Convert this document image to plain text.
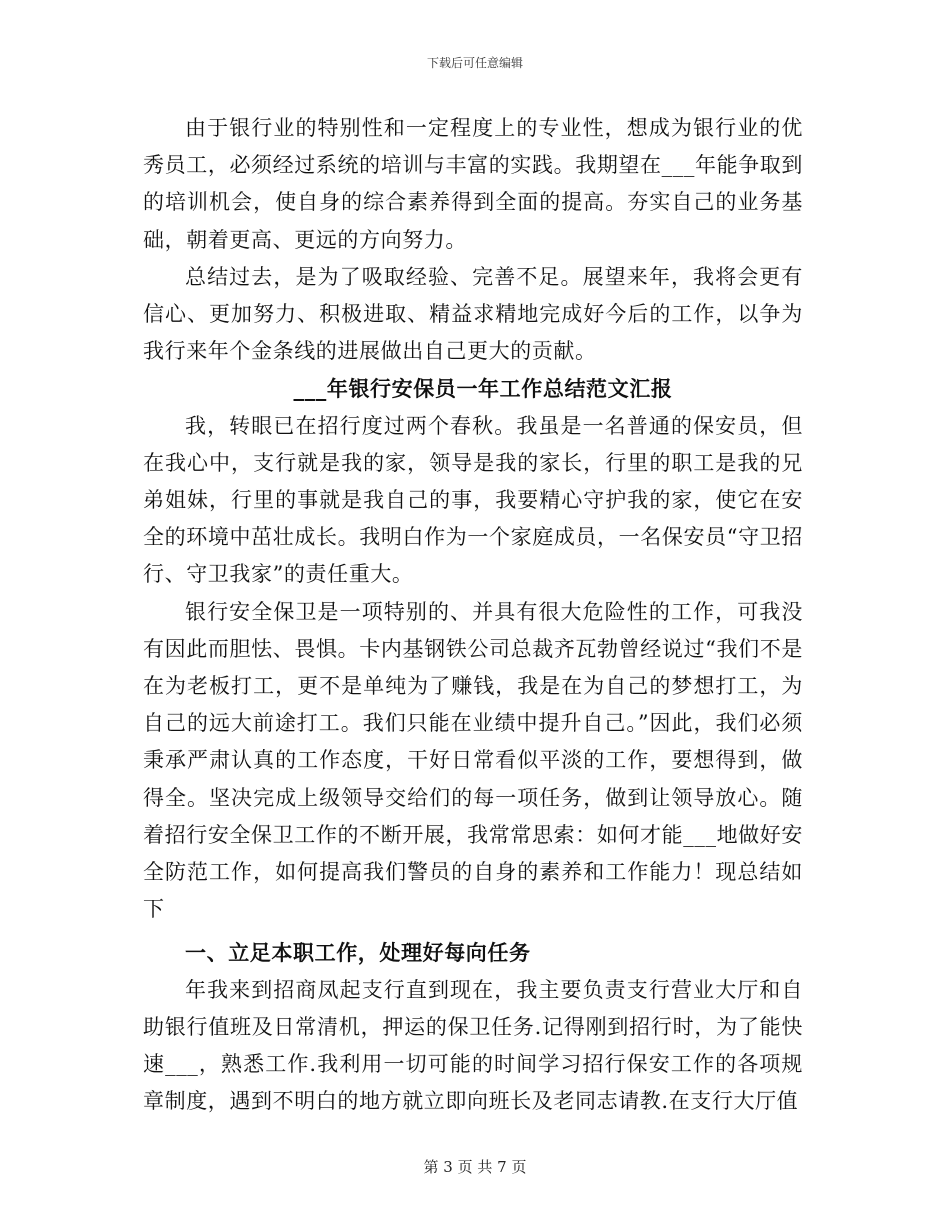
下载后可任意编辑

由于银行业的特别性和一定程度上的专业性，想成为银行业的优秀员工，必须经过系统的培训与丰富的实践。我期望在___年能争取到的培训机会，使自身的综合素养得到全面的提高。夯实自己的业务基础，朝着更高、更远的方向努力。

总结过去，是为了吸取经验、完善不足。展望来年，我将会更有信心、更加努力、积极进取、精益求精地完成好今后的工作，以争为我行来年个金条线的进展做出自己更大的贡献。

___年银行安保员一年工作总结范文汇报

我，转眼已在招行度过两个春秋。我虽是一名普通的保安员，但在我心中，支行就是我的家，领导是我的家长，行里的职工是我的兄弟姐妹，行里的事就是我自己的事，我要精心守护我的家，使它在安全的环境中茁壮成长。我明白作为一个家庭成员，一名保安员“守卫招行、守卫我家”的责任重大。

银行安全保卫是一项特别的、并具有很大危险性的工作，可我没有因此而胆怯、畏惧。卡内基钢铁公司总裁齐瓦勃曾经说过“我们不是在为老板打工，更不是单纯为了赚钱，我是在为自己的梦想打工，为自己的远大前途打工。我们只能在业绩中提升自己。”因此，我们必须秉承严肃认真的工作态度，干好日常看似平淡的工作，要想得到，做得全。坚决完成上级领导交给们的每一项任务，做到让领导放心。随着招行安全保卫工作的不断开展，我常常思索：如何才能___地做好安全防范工作，如何提高我们警员的自身的素养和工作能力！现总结如下

一、立足本职工作，处理好每向任务

年我来到招商凤起支行直到现在，我主要负责支行营业大厅和自助银行值班及日常清机，押运的保卫任务.记得刚到招行时，为了能快速___，熟悉工作.我利用一切可能的时间学习招行保安工作的各项规章制度，遇到不明白的地方就立即向班长及老同志请教.在支行大厅值

第 3 页 共 7 页
